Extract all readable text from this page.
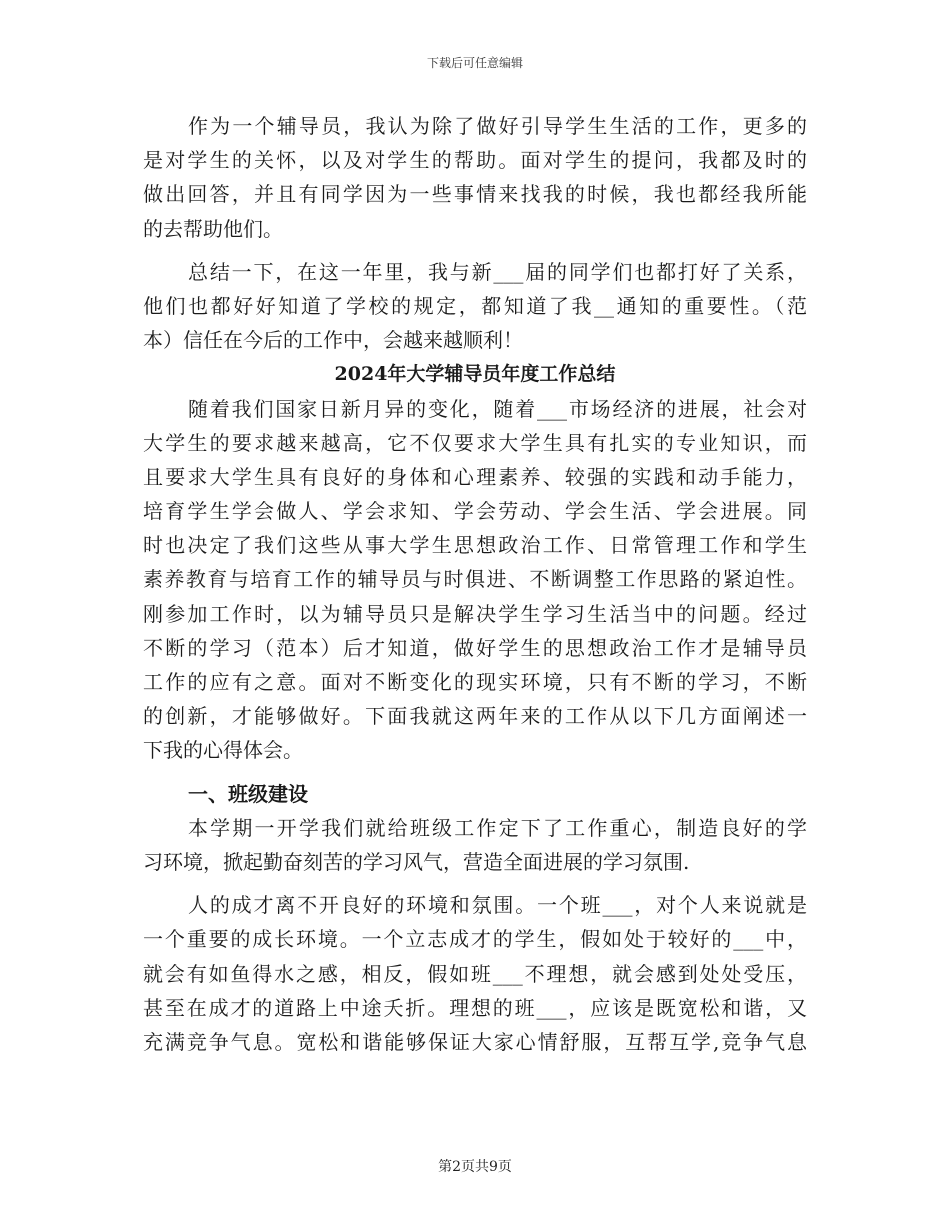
下载后可任意编辑
作为一个辅导员，我认为除了做好引导学生生活的工作，更多的
是对学生的关怀，以及对学生的帮助。面对学生的提问，我都及时的
做出回答，并且有同学因为一些事情来找我的时候，我也都经我所能
的去帮助他们。
总结一下，在这一年里，我与新___届的同学们也都打好了关系，
他们也都好好知道了学校的规定，都知道了我__通知的重要性。（范
本）信任在今后的工作中，会越来越顺利！
2024年大学辅导员年度工作总结
随着我们国家日新月异的变化，随着___市场经济的进展，社会对
大学生的要求越来越高，它不仅要求大学生具有扎实的专业知识，而
且要求大学生具有良好的身体和心理素养、较强的实践和动手能力，
培育学生学会做人、学会求知、学会劳动、学会生活、学会进展。同
时也决定了我们这些从事大学生思想政治工作、日常管理工作和学生
素养教育与培育工作的辅导员与时俱进、不断调整工作思路的紧迫性。
刚参加工作时，以为辅导员只是解决学生学习生活当中的问题。经过
不断的学习（范本）后才知道，做好学生的思想政治工作才是辅导员
工作的应有之意。面对不断变化的现实环境，只有不断的学习，不断
的创新，才能够做好。下面我就这两年来的工作从以下几方面阐述一
下我的心得体会。
一、班级建设
本学期一开学我们就给班级工作定下了工作重心，制造良好的学
习环境，掀起勤奋刻苦的学习风气，营造全面进展的学习氛围.
人的成才离不开良好的环境和氛围。一个班___，对个人来说就是
一个重要的成长环境。一个立志成才的学生，假如处于较好的___中，
就会有如鱼得水之感，相反，假如班___不理想，就会感到处处受压，
甚至在成才的道路上中途夭折。理想的班___，应该是既宽松和谐，又
充满竞争气息。宽松和谐能够保证大家心情舒服，互帮互学,竞争气息
第2页共9页
